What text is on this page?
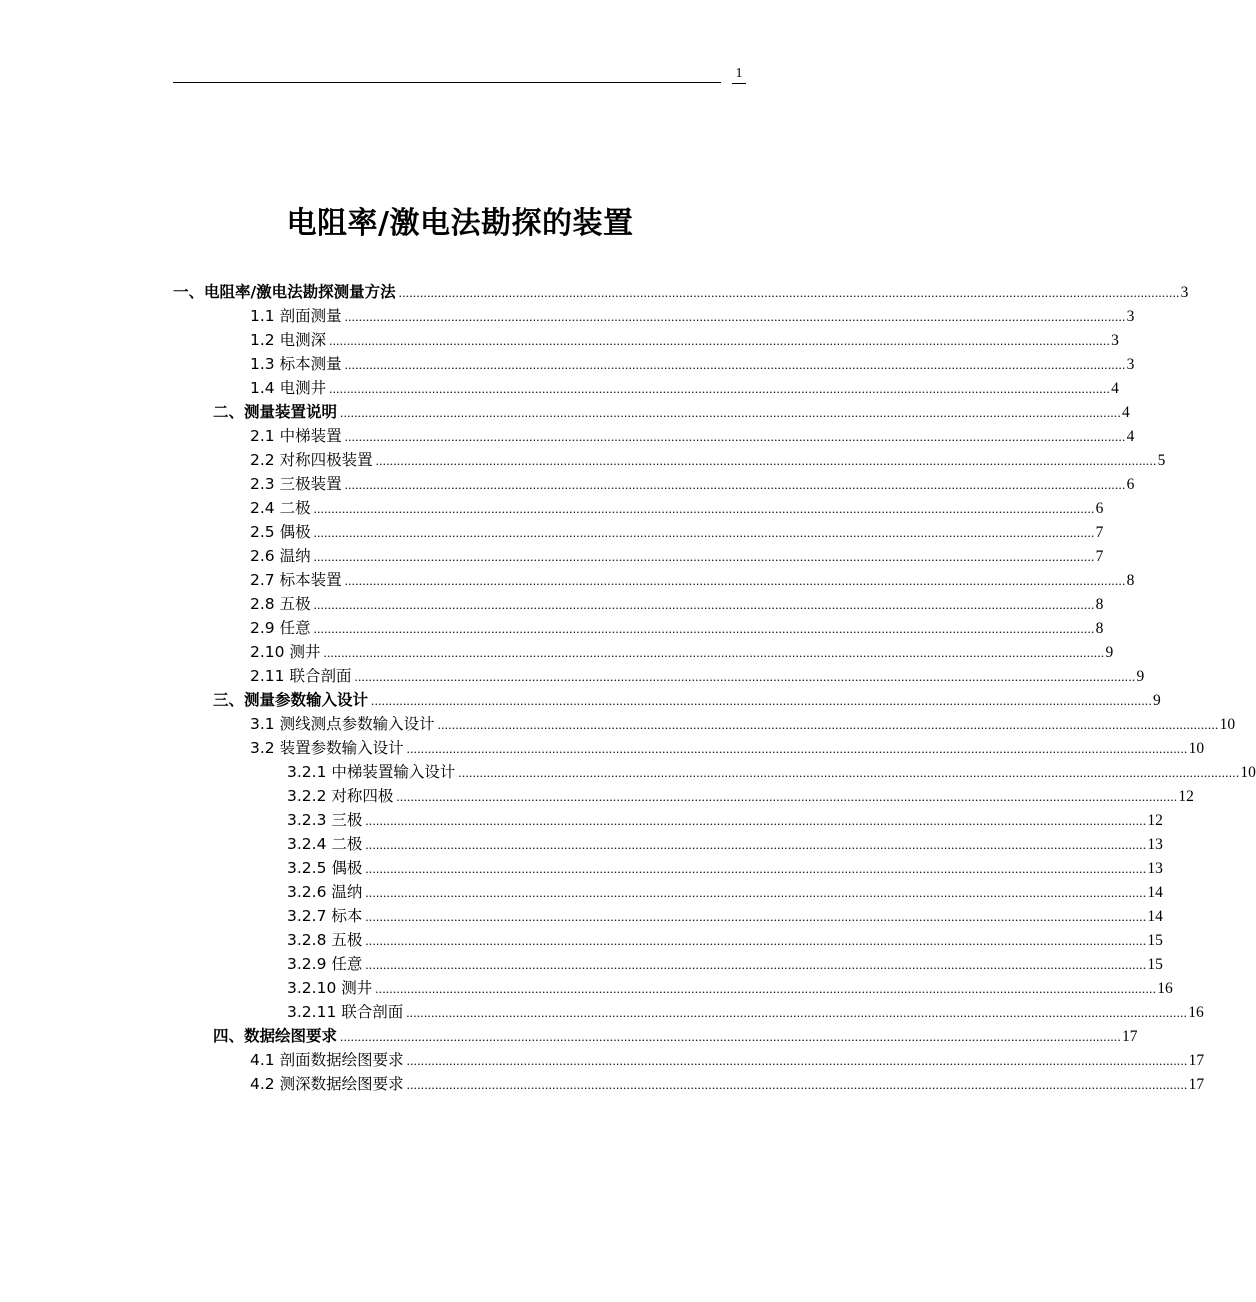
1
电阻率/激电法勘探的装置
一、电阻率/激电法勘探测量方法 ............................................................................................................................................................................................................................ 3
1.1 剖面测量 ............................................................................................................................................................................................................................ 3
1.2 电测深 ............................................................................................................................................................................................................................ 3
1.3 标本测量 ............................................................................................................................................................................................................................ 3
1.4 电测井 ............................................................................................................................................................................................................................ 4
二、测量装置说明 ............................................................................................................................................................................................................................ 4
2.1 中梯装置 ............................................................................................................................................................................................................................ 4
2.2 对称四极装置 ............................................................................................................................................................................................................................ 5
2.3 三极装置 ............................................................................................................................................................................................................................ 6
2.4 二极 ............................................................................................................................................................................................................................ 6
2.5 偶极 ............................................................................................................................................................................................................................ 7
2.6 温纳 ............................................................................................................................................................................................................................ 7
2.7 标本装置 ............................................................................................................................................................................................................................ 8
2.8 五极 ............................................................................................................................................................................................................................ 8
2.9 任意 ............................................................................................................................................................................................................................ 8
2.10 测井 ............................................................................................................................................................................................................................ 9
2.11 联合剖面 ............................................................................................................................................................................................................................ 9
三、测量参数输入设计 ............................................................................................................................................................................................................................ 9
3.1 测线测点参数输入设计 ............................................................................................................................................................................................................................ 10
3.2 装置参数输入设计 ............................................................................................................................................................................................................................ 10
3.2.1 中梯装置输入设计 ............................................................................................................................................................................................................................ 10
3.2.2 对称四极 ............................................................................................................................................................................................................................ 12
3.2.3 三极 ............................................................................................................................................................................................................................ 12
3.2.4 二极 ............................................................................................................................................................................................................................ 13
3.2.5 偶极 ............................................................................................................................................................................................................................ 13
3.2.6 温纳 ............................................................................................................................................................................................................................ 14
3.2.7 标本 ............................................................................................................................................................................................................................ 14
3.2.8 五极 ............................................................................................................................................................................................................................ 15
3.2.9 任意 ............................................................................................................................................................................................................................ 15
3.2.10 测井 ............................................................................................................................................................................................................................ 16
3.2.11 联合剖面 ............................................................................................................................................................................................................................ 16
四、数据绘图要求 ............................................................................................................................................................................................................................ 17
4.1 剖面数据绘图要求 ............................................................................................................................................................................................................................ 17
4.2 测深数据绘图要求 ............................................................................................................................................................................................................................ 17
